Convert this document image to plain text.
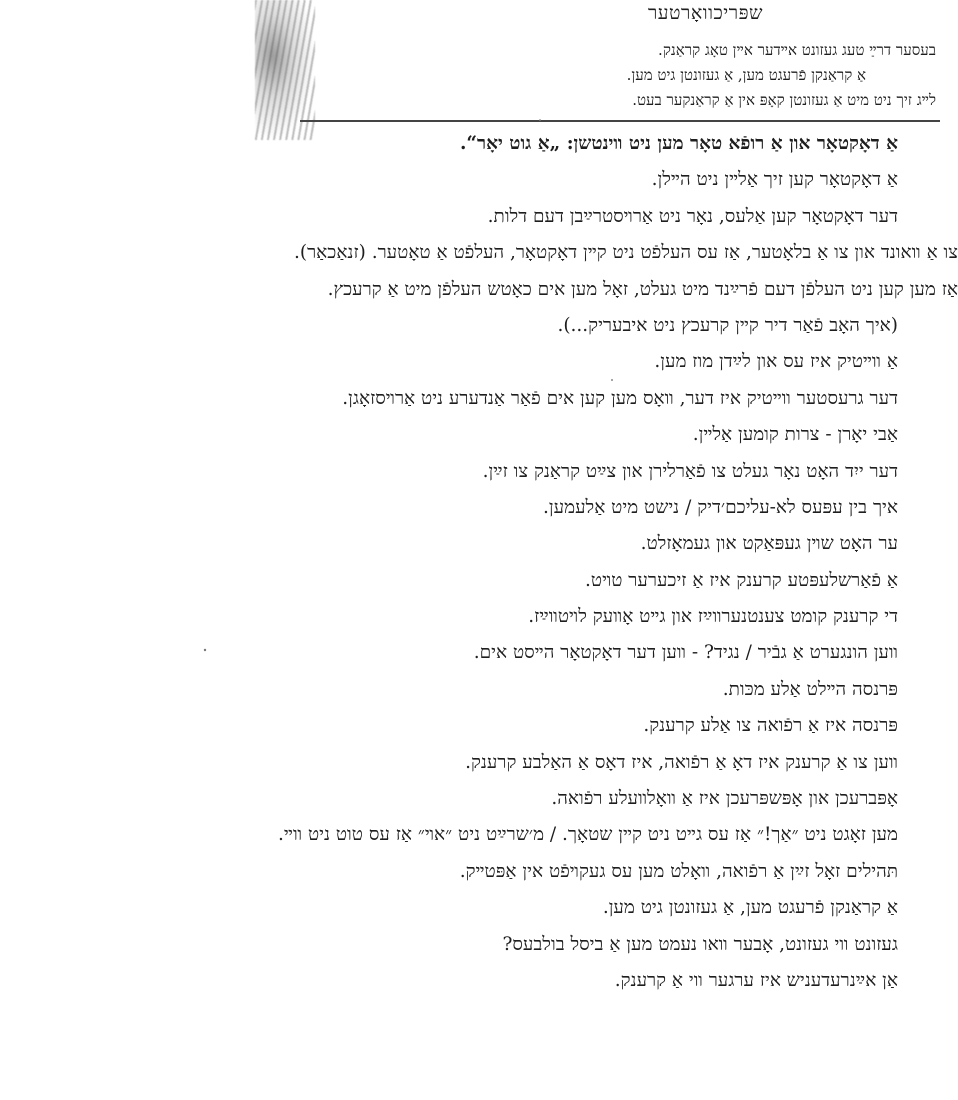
שפּריכוואָרטער
בעסער דרײַ טעג געזונט אײדער אײן טאָג קראַנק.
אַ קראַנקן פֿרעגט מען, אַ געזונטן גיט מען.
לײג זיך ניט מיט אַ געזונטן קאָפּ אין אַ קראַנקער בעט.
אַ דאָקטאָר און אַ רופֿא טאָר מען ניט װינטשן: „אַ גוט יאָר“.
אַ דאָקטאָר קען זיך אַלײן ניט הײלן.
דער דאָקטאָר קען אַלעס, נאָר ניט אַרױסטרײַבן דעם דלות.
צו אַ װאונד און צו אַ בלאָטער, אַז עס העלפֿט ניט קײן דאָקטאָר, העלפֿט אַ טאָטער. (זנאַכאַר).
אַז מען קען ניט העלפֿן דעם פֿרײַנד מיט געלט, זאָל מען אים כאָטש העלפֿן מיט אַ קרעכץ.
(איך האָב פֿאַר דיר קײן קרעכץ ניט איבעריק...).
אַ װײטיק איז עס און לײַדן מוז מען.
דער גרעסטער װײטיק איז דער, װאָס מען קען אים פֿאַר אַנדערע ניט אַרױסזאָגן.
אַבי יאָרן - צרות קומען אַלײן.
דער ייִד האָט נאָר געלט צו פֿאַרלירן און צײַט קראַנק צו זײַן.
איך בין עפּעס לא-עליכם׳דיק / נישט מיט אַלעמען.
ער האָט שױן געפּאַקט און געמאָזלט.
אַ פֿאַרשלעפּטע קרענק איז אַ זיכערער טױט.
די קרענק קומט צענטנערװײַז און גײט אָװעק לױטװײַז.
װען הונגערט אַ גבֿיר / נגיד? - װען דער דאָקטאָר הײסט אים.
פּרנסה הײלט אַלע מכּות.
פּרנסה איז אַ רפֿואה צו אַלע קרענק.
װען צו אַ קרענק איז דאָ אַ רפֿואה, איז דאָס אַ האַלבע קרענק.
אָפּברעכן און אָפּשפּרעכן איז אַ װאָלװעלע רפֿואה.
מען זאָגט ניט ״אַך!״ אַז עס גײט ניט קײן שטאָך. / מ׳שרײַט ניט ״אױ״ אַז עס טוט ניט װײ.
תּהילים זאָל זײַן אַ רפֿואה, װאָלט מען עס געקױפֿט אין אַפּטײק.
אַ קראַנקן פֿרעגט מען, אַ געזונטן גיט מען.
געזונט װי געזונט, אָבער װאו נעמט מען אַ ביסל בולבעס?
אַן אײַנרעדעניש איז ערגער װי אַ קרענק.
